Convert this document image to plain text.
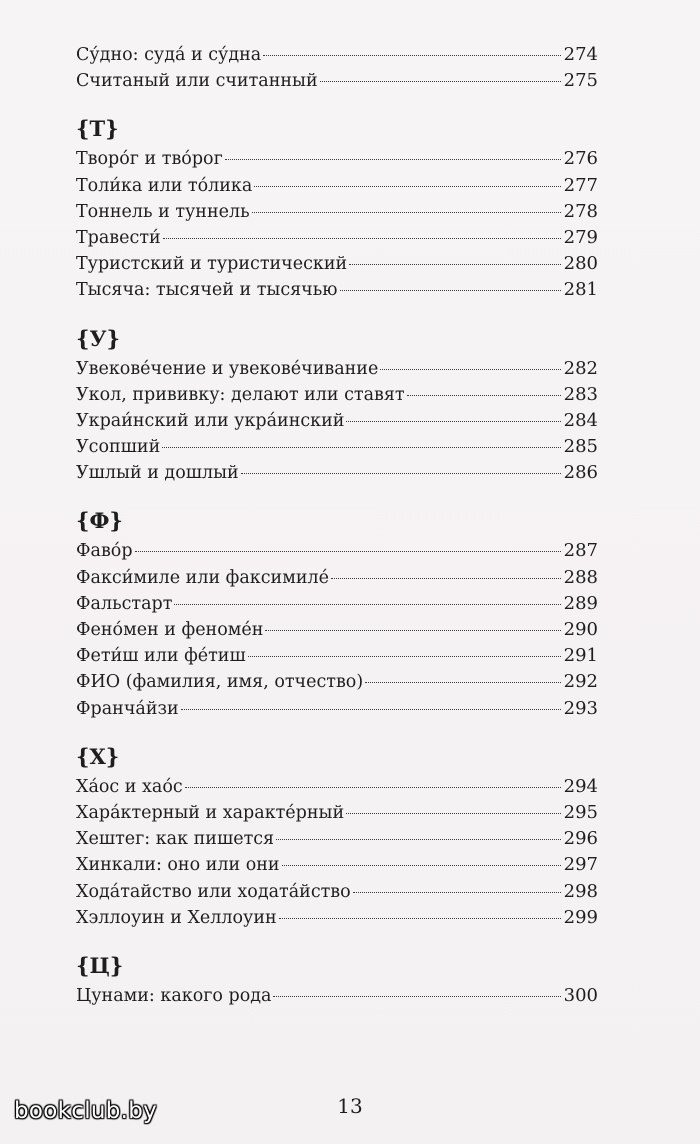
Су́дно: суда́ и су́дна	274
Считаный или считанный	275
{Т}
Творо́г и тво́рог	276
Толи́ка или то́лика	277
Тоннель и туннель	278
Травести́	279
Туристский и туристический	280
Тысяча: тысячей и тысячью	281
{У}
Увекове́чение и увекове́чивание	282
Укол, прививку: делают или ставят	283
Украи́нский или укра́инский	284
Усопший	285
Ушлый и дошлый	286
{Ф}
Фаво́р	287
Факси́миле или факсимиле́	288
Фальстарт	289
Фено́мен и феноме́н	290
Фети́ш или фе́тиш	291
ФИО (фамилия, имя, отчество)	292
Франча́йзи	293
{Х}
Ха́ос и хао́с	294
Хара́ктерный и характе́рный	295
Хештег: как пишется	296
Хинкали: оно или они	297
Хода́тайство или ходата́йство	298
Хэллоуин и Хеллоуин	299
{Ц}
Цунами: какого рода	300
13
bookclub.by
